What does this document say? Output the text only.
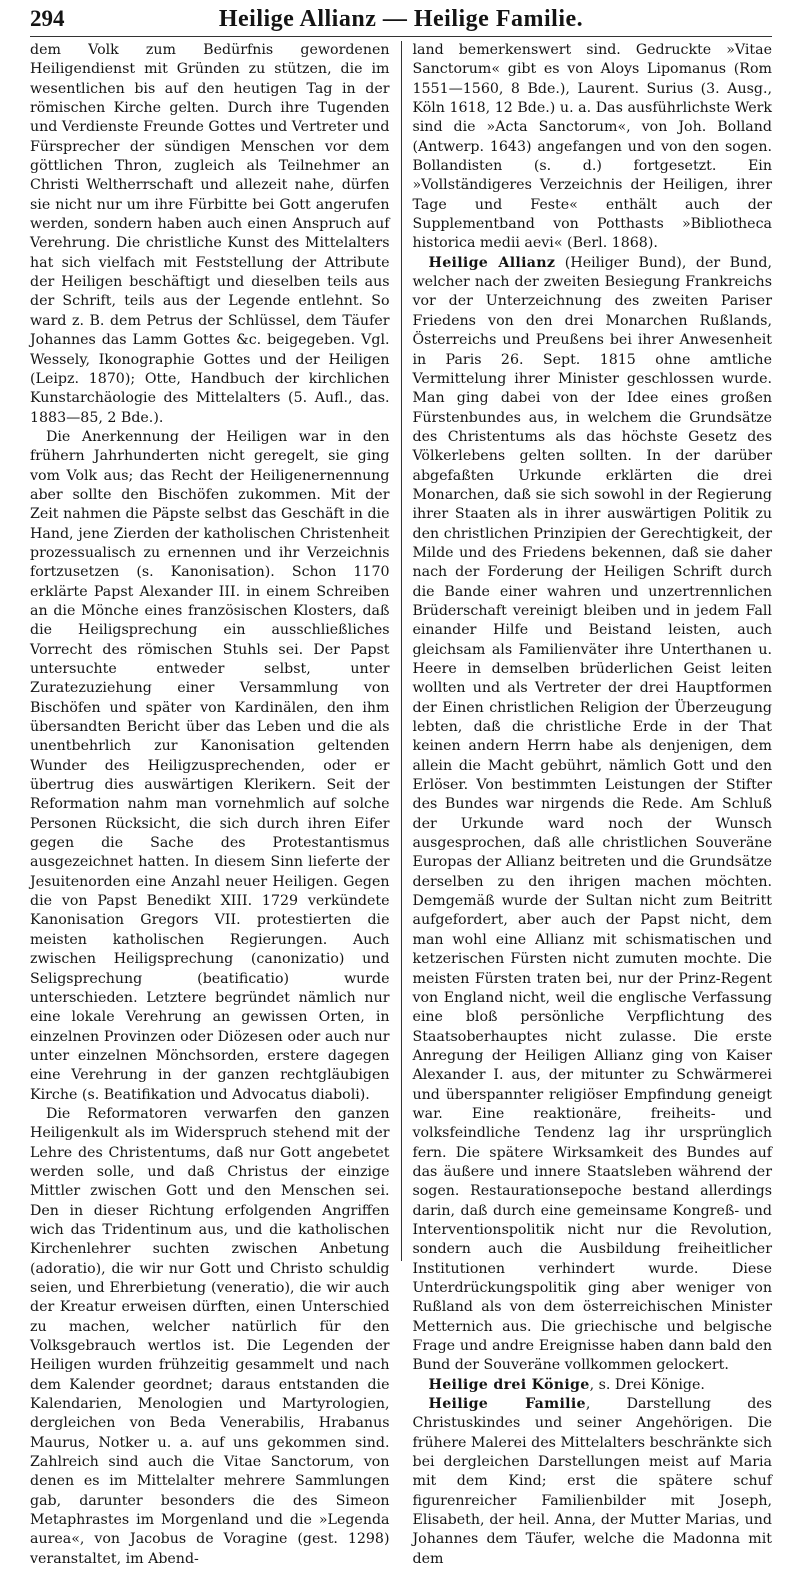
294	Heilige Allianz — Heilige Familie.

dem Volk zum Bedürfnis gewordenen Heiligendienst mit Gründen zu stützen, die im wesentlichen bis auf den heutigen Tag in der römischen Kirche gelten. Durch ihre Tugenden und Verdienste Freunde Gottes und Vertreter und Fürsprecher der sündigen Menschen vor dem göttlichen Thron, zugleich als Teilnehmer an Christi Weltherrschaft und allezeit nahe, dürfen sie nicht nur um ihre Fürbitte bei Gott angerufen werden, sondern haben auch einen Anspruch auf Verehrung. Die christliche Kunst des Mittelalters hat sich vielfach mit Feststellung der Attribute der Heiligen beschäftigt und dieselben teils aus der Schrift, teils aus der Legende entlehnt. So ward z. B. dem Petrus der Schlüssel, dem Täufer Johannes das Lamm Gottes &c. beigegeben. Vgl. Wessely, Ikonographie Gottes und der Heiligen (Leipz. 1870); Otte, Handbuch der kirchlichen Kunstarchäologie des Mittelalters (5. Aufl., das. 1883—85, 2 Bde.).

Die Anerkennung der Heiligen war in den frühern Jahrhunderten nicht geregelt, sie ging vom Volk aus; das Recht der Heiligenernennung aber sollte den Bischöfen zukommen. Mit der Zeit nahmen die Päpste selbst das Geschäft in die Hand, jene Zierden der katholischen Christenheit prozessualisch zu ernennen und ihr Verzeichnis fortzusetzen (s. Kanonisation). Schon 1170 erklärte Papst Alexander III. in einem Schreiben an die Mönche eines französischen Klosters, daß die Heiligsprechung ein ausschließliches Vorrecht des römischen Stuhls sei. Der Papst untersuchte entweder selbst, unter Zuratezuziehung einer Versammlung von Bischöfen und später von Kardinälen, den ihm übersandten Bericht über das Leben und die als unentbehrlich zur Kanonisation geltenden Wunder des Heiligzusprechenden, oder er übertrug dies auswärtigen Klerikern. Seit der Reformation nahm man vornehmlich auf solche Personen Rücksicht, die sich durch ihren Eifer gegen die Sache des Protestantismus ausgezeichnet hatten. In diesem Sinn lieferte der Jesuitenorden eine Anzahl neuer Heiligen. Gegen die von Papst Benedikt XIII. 1729 verkündete Kanonisation Gregors VII. protestierten die meisten katholischen Regierungen. Auch zwischen Heiligsprechung (canonizatio) und Seligsprechung (beatificatio) wurde unterschieden. Letztere begründet nämlich nur eine lokale Verehrung an gewissen Orten, in einzelnen Provinzen oder Diözesen oder auch nur unter einzelnen Mönchsorden, erstere dagegen eine Verehrung in der ganzen rechtgläubigen Kirche (s. Beatifikation und Advocatus diaboli).

Die Reformatoren verwarfen den ganzen Heiligenkult als im Widerspruch stehend mit der Lehre des Christentums, daß nur Gott angebetet werden solle, und daß Christus der einzige Mittler zwischen Gott und den Menschen sei. Den in dieser Richtung erfolgenden Angriffen wich das Tridentinum aus, und die katholischen Kirchenlehrer suchten zwischen Anbetung (adoratio), die wir nur Gott und Christo schuldig seien, und Ehrerbietung (veneratio), die wir auch der Kreatur erweisen dürften, einen Unterschied zu machen, welcher natürlich für den Volksgebrauch wertlos ist. Die Legenden der Heiligen wurden frühzeitig gesammelt und nach dem Kalender geordnet; daraus entstanden die Kalendarien, Menologien und Martyrologien, dergleichen von Beda Venerabilis, Hrabanus Maurus, Notker u. a. auf uns gekommen sind. Zahlreich sind auch die Vitae Sanctorum, von denen es im Mittelalter mehrere Sammlungen gab, darunter besonders die des Simeon Metaphrastes im Morgenland und die »Legenda aurea«, von Jacobus de Voragine (gest. 1298) veranstaltet, im Abend-

land bemerkenswert sind. Gedruckte »Vitae Sanctorum« gibt es von Aloys Lipomanus (Rom 1551—1560, 8 Bde.), Laurent. Surius (3. Ausg., Köln 1618, 12 Bde.) u. a. Das ausführlichste Werk sind die »Acta Sanctorum«, von Joh. Bolland (Antwerp. 1643) angefangen und von den sogen. Bollandisten (s. d.) fortgesetzt. Ein »Vollständigeres Verzeichnis der Heiligen, ihrer Tage und Feste« enthält auch der Supplementband von Potthasts »Bibliotheca historica medii aevi« (Berl. 1868).

Heilige Allianz (Heiliger Bund), der Bund, welcher nach der zweiten Besiegung Frankreichs vor der Unterzeichnung des zweiten Pariser Friedens von den drei Monarchen Rußlands, Österreichs und Preußens bei ihrer Anwesenheit in Paris 26. Sept. 1815 ohne amtliche Vermittelung ihrer Minister geschlossen wurde. Man ging dabei von der Idee eines großen Fürstenbundes aus, in welchem die Grundsätze des Christentums als das höchste Gesetz des Völkerlebens gelten sollten. In der darüber abgefaßten Urkunde erklärten die drei Monarchen, daß sie sich sowohl in der Regierung ihrer Staaten als in ihrer auswärtigen Politik zu den christlichen Prinzipien der Gerechtigkeit, der Milde und des Friedens bekennen, daß sie daher nach der Forderung der Heiligen Schrift durch die Bande einer wahren und unzertrennlichen Brüderschaft vereinigt bleiben und in jedem Fall einander Hilfe und Beistand leisten, auch gleichsam als Familienväter ihre Unterthanen u. Heere in demselben brüderlichen Geist leiten wollten und als Vertreter der drei Hauptformen der Einen christlichen Religion der Überzeugung lebten, daß die christliche Erde in der That keinen andern Herrn habe als denjenigen, dem allein die Macht gebührt, nämlich Gott und den Erlöser. Von bestimmten Leistungen der Stifter des Bundes war nirgends die Rede. Am Schluß der Urkunde ward noch der Wunsch ausgesprochen, daß alle christlichen Souveräne Europas der Allianz beitreten und die Grundsätze derselben zu den ihrigen machen möchten. Demgemäß wurde der Sultan nicht zum Beitritt aufgefordert, aber auch der Papst nicht, dem man wohl eine Allianz mit schismatischen und ketzerischen Fürsten nicht zumuten mochte. Die meisten Fürsten traten bei, nur der Prinz-Regent von England nicht, weil die englische Verfassung eine bloß persönliche Verpflichtung des Staatsoberhauptes nicht zulasse. Die erste Anregung der Heiligen Allianz ging von Kaiser Alexander I. aus, der mitunter zu Schwärmerei und überspannter religiöser Empfindung geneigt war. Eine reaktionäre, freiheits- und volksfeindliche Tendenz lag ihr ursprünglich fern. Die spätere Wirksamkeit des Bundes auf das äußere und innere Staatsleben während der sogen. Restaurationsepoche bestand allerdings darin, daß durch eine gemeinsame Kongreß- und Interventionspolitik nicht nur die Revolution, sondern auch die Ausbildung freiheitlicher Institutionen verhindert wurde. Diese Unterdrückungspolitik ging aber weniger von Rußland als von dem österreichischen Minister Metternich aus. Die griechische und belgische Frage und andre Ereignisse haben dann bald den Bund der Souveräne vollkommen gelockert.

Heilige drei Könige, s. Drei Könige.

Heilige Familie, Darstellung des Christuskindes und seiner Angehörigen. Die frühere Malerei des Mittelalters beschränkte sich bei dergleichen Darstellungen meist auf Maria mit dem Kind; erst die spätere schuf figurenreicher Familienbilder mit Joseph, Elisabeth, der heil. Anna, der Mutter Marias, und Johannes dem Täufer, welche die Madonna mit dem
